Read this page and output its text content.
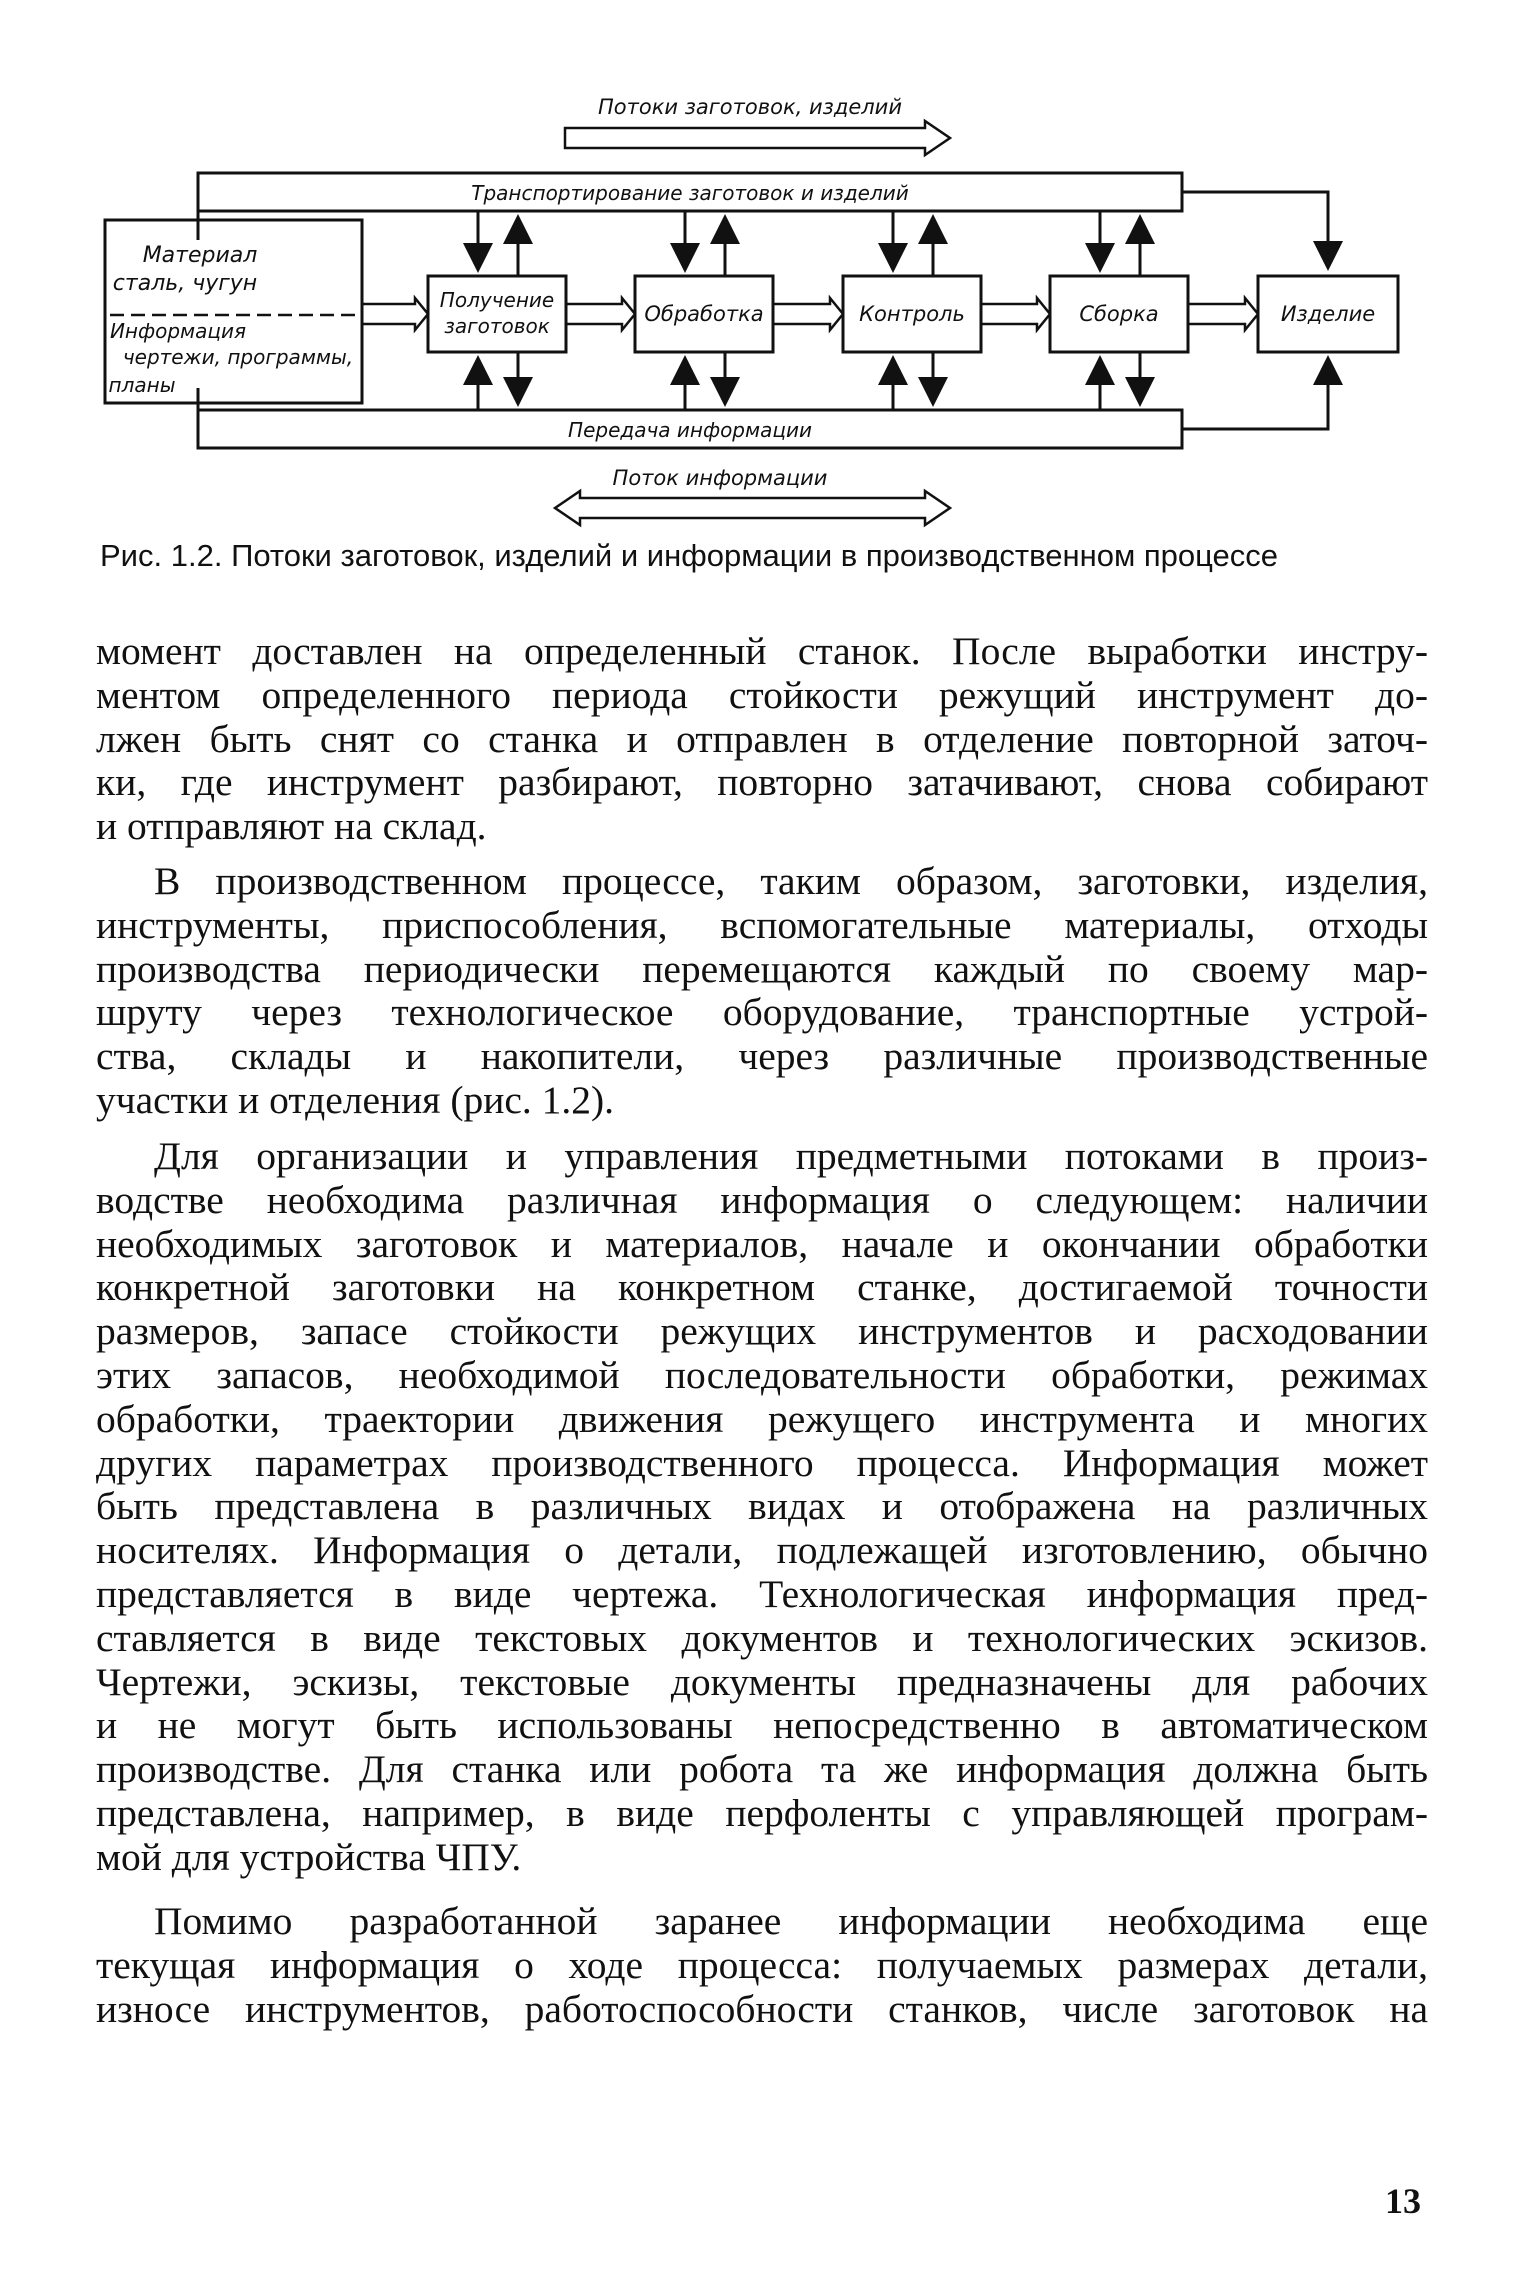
Потоки заготовок, изделий
Транспортирование заготовок и изделий
Передача информации
Материал
сталь, чугун
Информация
чертежи, программы,
планы
Получение
заготовок	Обработка	Контроль	Сборка	Изделие
Поток информации
Рис. 1.2. Потоки заготовок, изделий и информации в производственном процессе

момент доставлен на определенный станок. После выработки инстру-
ментом определенного периода стойкости режущий инструмент до-
лжен быть снят со станка и отправлен в отделение повторной заточ-
ки, где инструмент разбирают, повторно затачивают, снова собирают
и отправляют на склад.

В производственном процессе, таким образом, заготовки, изделия,
инструменты, приспособления, вспомогательные материалы, отходы
производства периодически перемещаются каждый по своему мар-
шруту через технологическое оборудование, транспортные устрой-
ства, склады и накопители, через различные производственные
участки и отделения (рис. 1.2).

Для организации и управления предметными потоками в произ-
водстве необходима различная информация о следующем: наличии
необходимых заготовок и материалов, начале и окончании обработки
конкретной заготовки на конкретном станке, достигаемой точности
размеров, запасе стойкости режущих инструментов и расходовании
этих запасов, необходимой последовательности обработки, режимах
обработки, траектории движения режущего инструмента и многих
других параметрах производственного процесса. Информация может
быть представлена в различных видах и отображена на различных
носителях. Информация о детали, подлежащей изготовлению, обычно
представляется в виде чертежа. Технологическая информация пред-
ставляется в виде текстовых документов и технологических эскизов.
Чертежи, эскизы, текстовые документы предназначены для рабочих
и не могут быть использованы непосредственно в автоматическом
производстве. Для станка или робота та же информация должна быть
представлена, например, в виде перфоленты с управляющей програм-
мой для устройства ЧПУ.

Помимо разработанной заранее информации необходима еще
текущая информация о ходе процесса: получаемых размерах детали,
износе инструментов, работоспособности станков, числе заготовок на

13
